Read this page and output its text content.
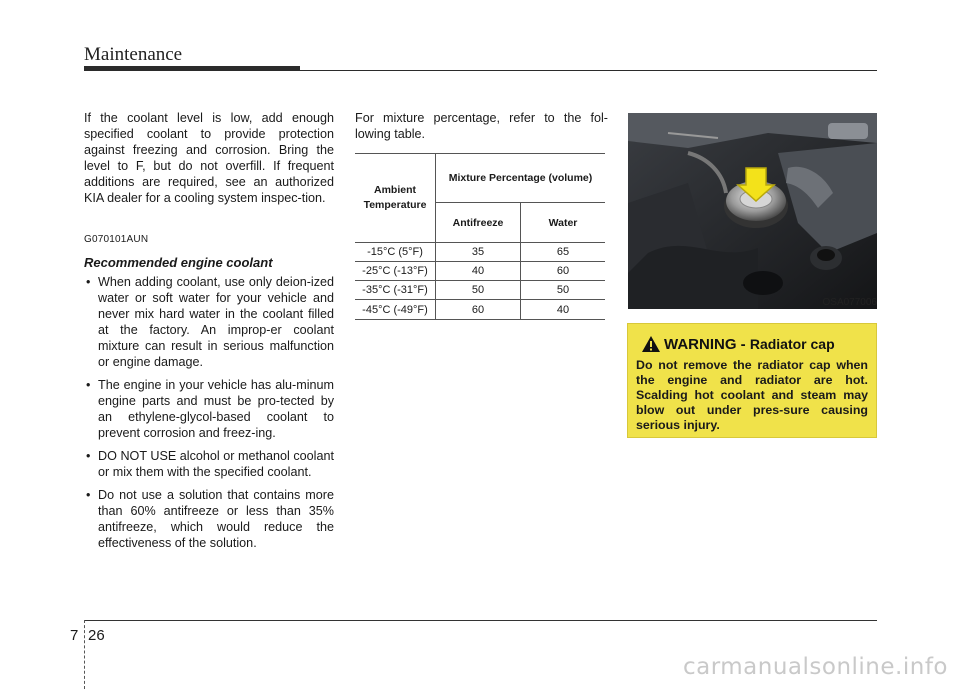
Maintenance

If the coolant level is low, add enough specified coolant to provide protection against freezing and corrosion. Bring the level to F, but do not overfill. If frequent additions are required, see an authorized KIA dealer for a cooling system inspec-tion.

G070101AUN

Recommended engine coolant

• When adding coolant, use only deion-ized water or soft water for your vehicle and never mix hard water in the coolant filled at the factory. An improp-er coolant mixture can result in serious malfunction or engine damage.
• The engine in your vehicle has alu-minum engine parts and must be pro-tected by an ethylene-glycol-based coolant to prevent corrosion and freez-ing.
• DO NOT USE alcohol or methanol coolant or mix them with the specified coolant.
• Do not use a solution that contains more than 60% antifreeze or less than 35% antifreeze, which would reduce the effectiveness of the solution.

For mixture percentage, refer to the fol-lowing table.

Ambient Temperature	Mixture Percentage (volume)	
	Antifreeze	Water
-15°C (5°F)	35	65
-25°C (-13°F)	40	60
-35°C (-31°F)	50	50
-45°C (-49°F)	60	40
OSA077006
WARNING - Radiator cap
Do not remove the radiator cap when the engine and radiator are hot. Scalding hot coolant and steam may blow out under pres-sure causing serious injury.
7 26
carmanualsonline.info
